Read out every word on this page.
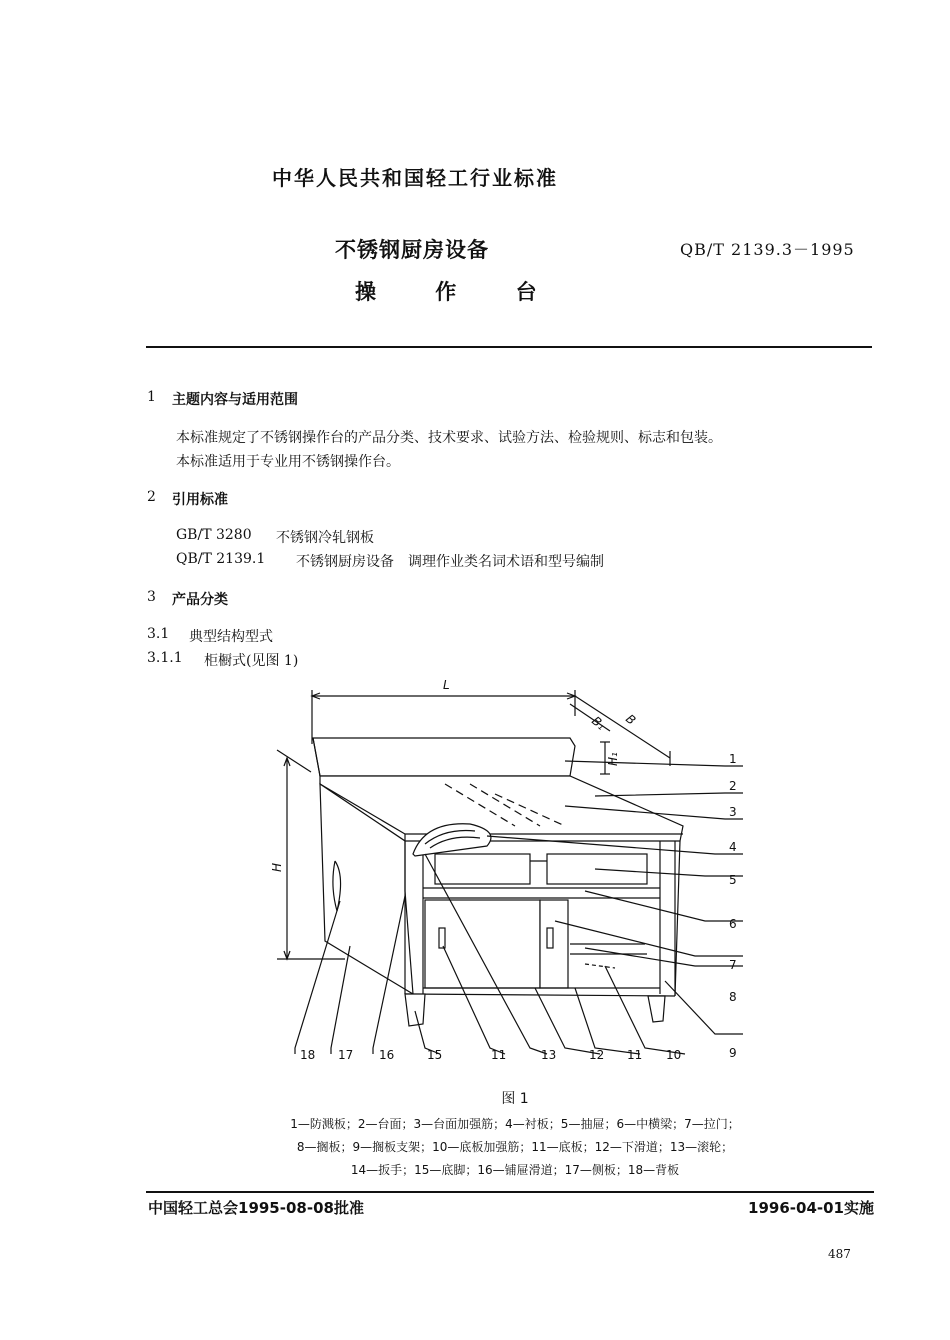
中华人民共和国轻工行业标准
不锈钢厨房设备	QB/T 2139.3－1995
操 作 台
1 主题内容与适用范围
本标准规定了不锈钢操作台的产品分类、技术要求、试验方法、检验规则、标志和包装。
本标准适用于专业用不锈钢操作台。
2 引用标准
GB/T 3280 不锈钢冷轧钢板
QB/T 2139.1 不锈钢厨房设备　调理作业类名词术语和型号编制
3 产品分类
3.1 典型结构型式
3.1.1 柜橱式(见图 1)
L
B
B₁
H₁
H
1
2
3
4
5
6
7
8
9
18 17 16	15	11	13	12 11 10
图 1
1—防溅板；2—台面；3—台面加强筋；4—衬板；5—抽屉；6—中横梁；7—拉门；
8—搁板；9—搁板支架；10—底板加强筋；11—底板；12—下滑道；13—滚轮；
14—扳手；15—底脚；16—铺屉滑道；17—侧板；18—背板
中国轻工总会1995-08-08批准	1996-04-01实施
487
